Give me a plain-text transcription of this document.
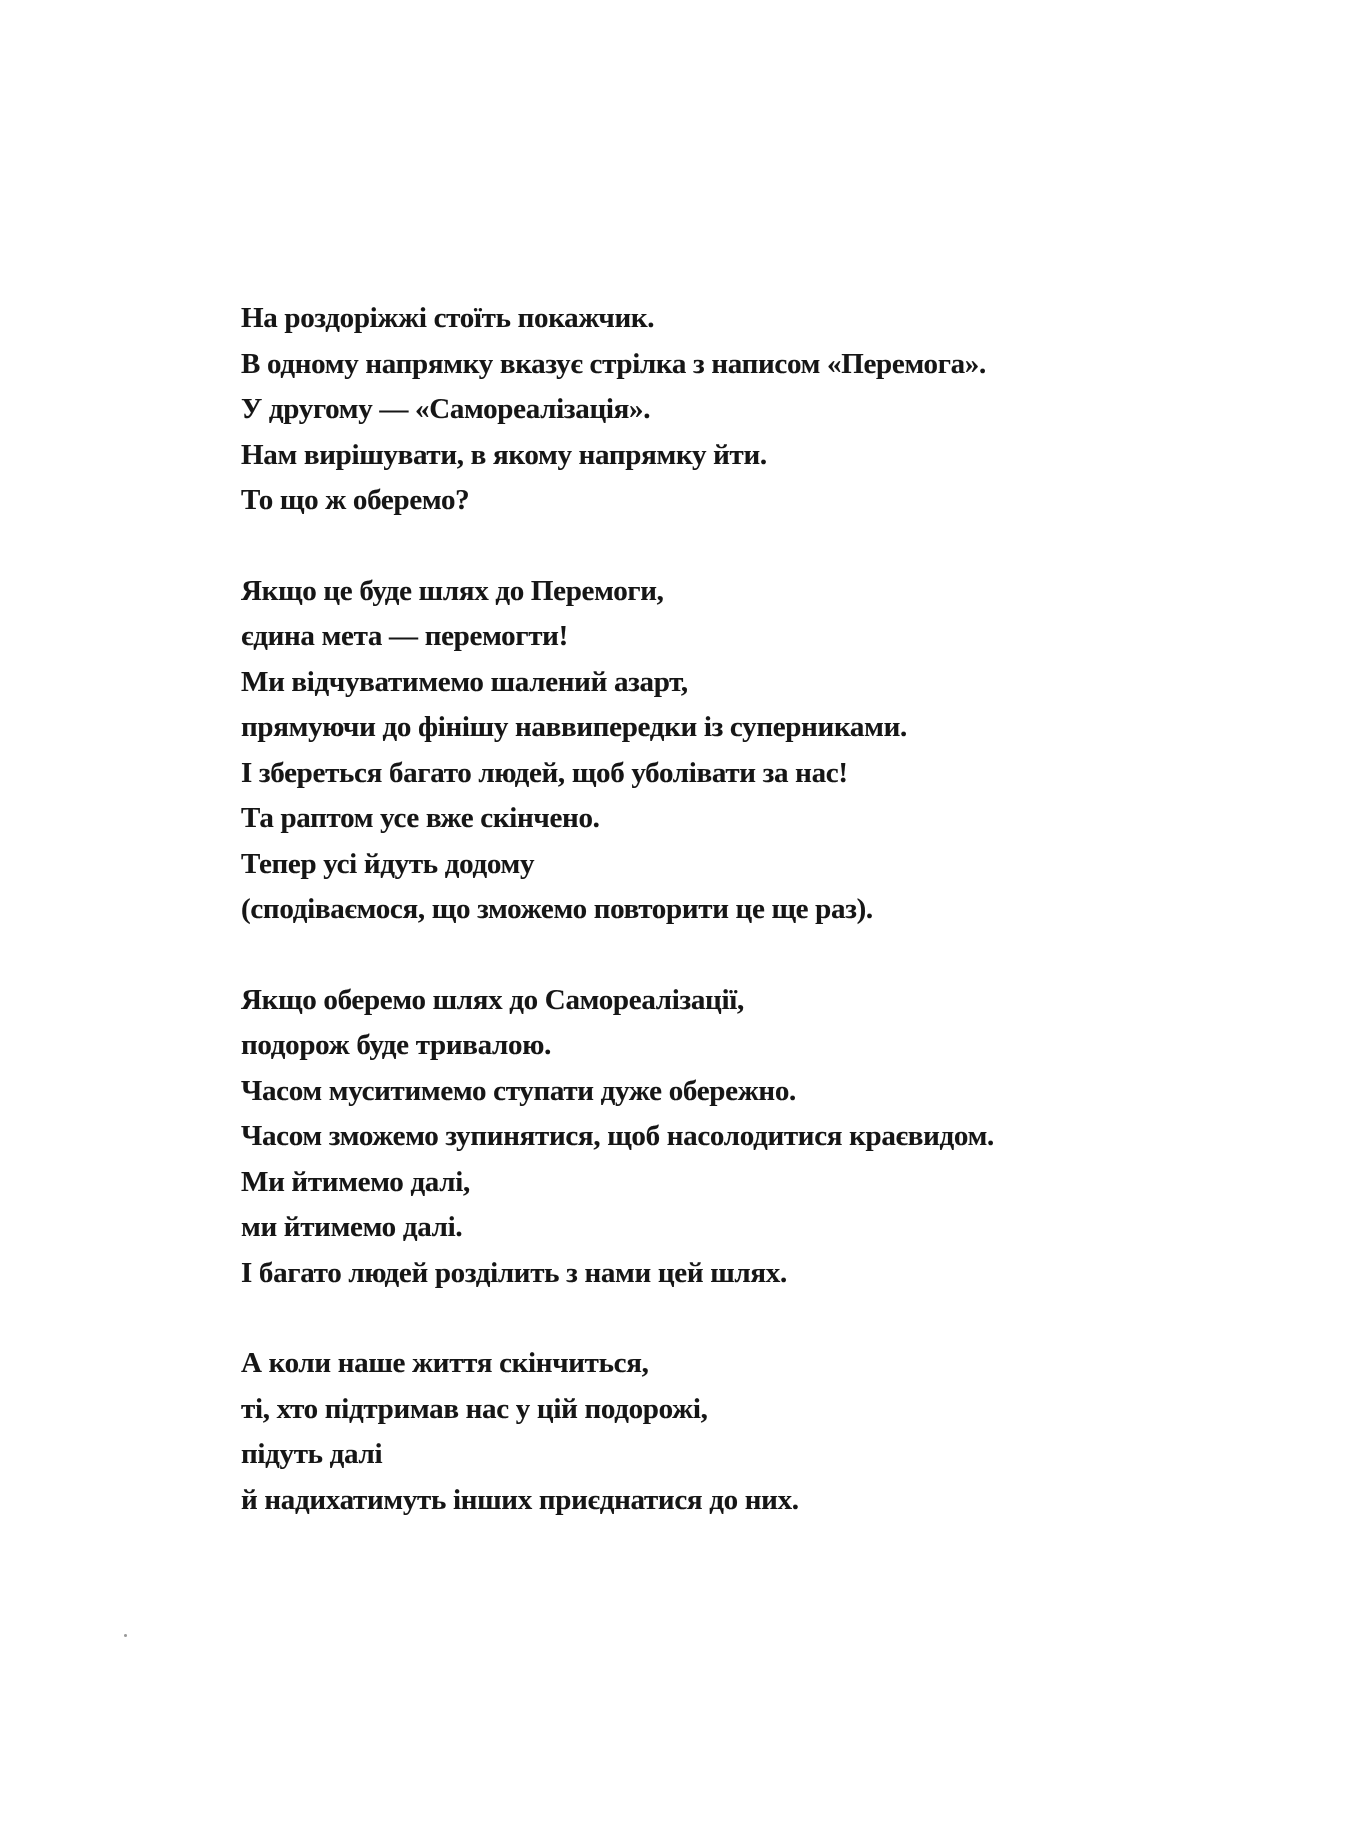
На роздоріжжі стоїть покажчик.
В одному напрямку вказує стрілка з написом «Перемога».
У другому — «Самореалізація».
Нам вирішувати, в якому напрямку йти.
То що ж оберемо?
Якщо це буде шлях до Перемоги,
єдина мета — перемогти!
Ми відчуватимемо шалений азарт,
прямуючи до фінішу наввипередки із суперниками.
І збереться багато людей, щоб уболівати за нас!
Та раптом усе вже скінчено.
Тепер усі йдуть додому
(сподіваємося, що зможемо повторити це ще раз).
Якщо оберемо шлях до Самореалізації,
подорож буде тривалою.
Часом муситимемо ступати дуже обережно.
Часом зможемо зупинятися, щоб насолодитися краєвидом.
Ми йтимемо далі,
ми йтимемо далі.
І багато людей розділить з нами цей шлях.
А коли наше життя скінчиться,
ті, хто підтримав нас у цій подорожі,
підуть далі
й надихатимуть інших приєднатися до них.
